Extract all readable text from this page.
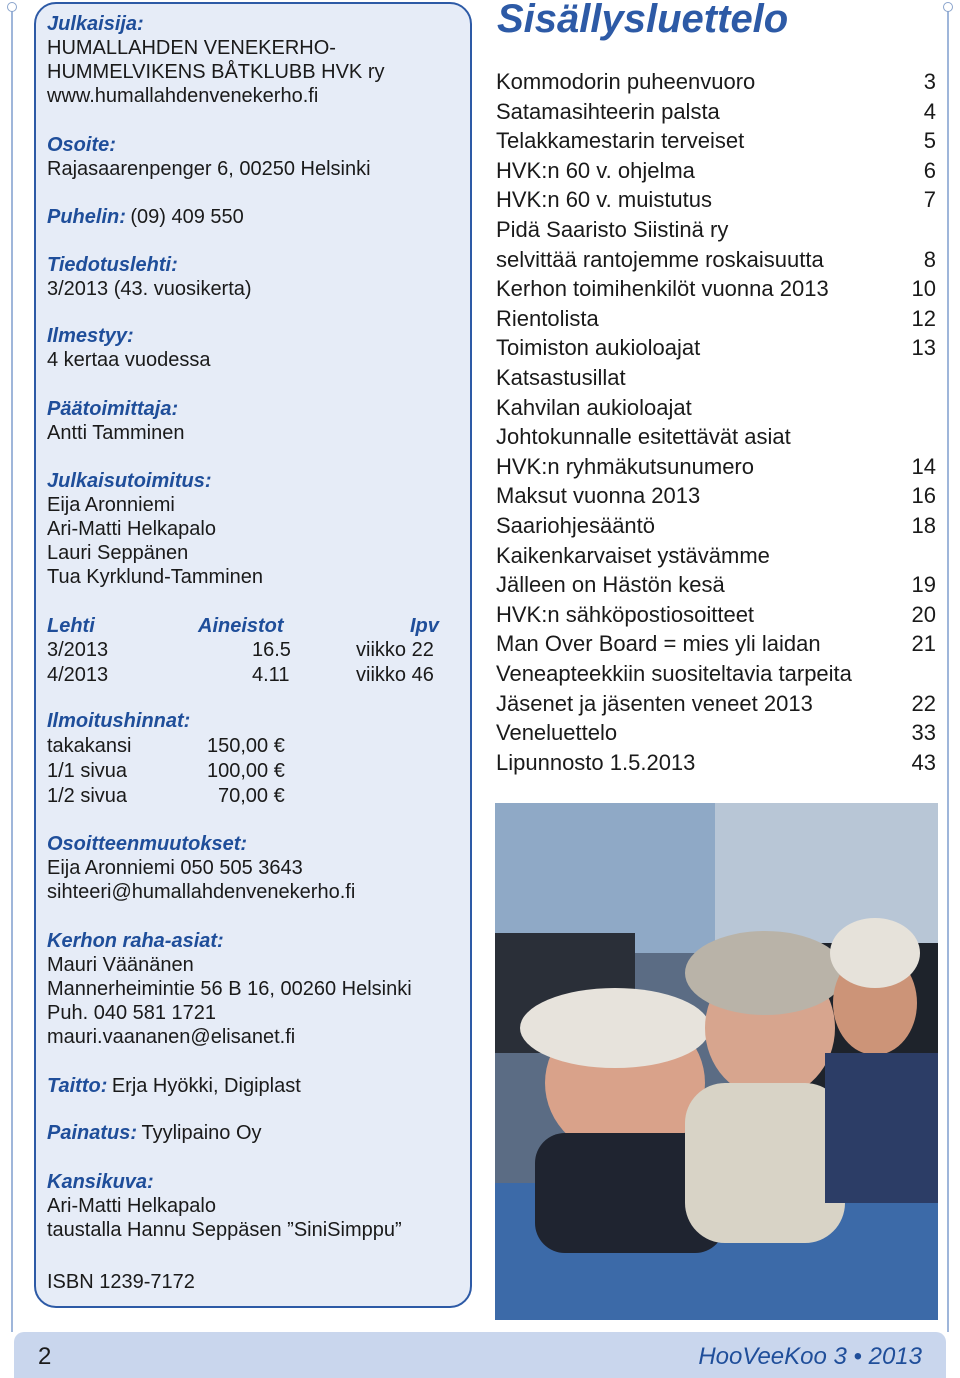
Julkaisija:
HUMALLAHDEN VENEKERHO-
HUMMELVIKENS BÅTKLUBB HVK ry
www.humallahdenvenekerho.fi
Osoite:
Rajasaarenpenger 6, 00250 Helsinki
Puhelin: (09) 409 550
Tiedotuslehti:
3/2013 (43. vuosikerta)
Ilmestyy:
4 kertaa vuodessa
Päätoimittaja:
Antti Tamminen
Julkaisutoimitus:
Eija Aronniemi
Ari-Matti Helkapalo
Lauri Seppänen
Tua Kyrklund-Tamminen
Lehti	Aineistot	Ipv
3/2013	16.5	viikko 22
4/2013	4.11	viikko 46
Ilmoitushinnat:
takakansi	150,00 €
1/1 sivua	100,00 €
1/2 sivua	70,00 €
Osoitteenmuutokset:
Eija Aronniemi 050 505 3643
sihteeri@humallahdenvenekerho.fi
Kerhon raha-asiat:
Mauri Väänänen
Mannerheimintie 56 B 16, 00260 Helsinki
Puh. 040 581 1721
mauri.vaananen@elisanet.fi
Taitto: Erja Hyökki, Digiplast
Painatus: Tyylipaino Oy
Kansikuva:
Ari-Matti Helkapalo
taustalla Hannu Seppäsen ”SiniSimppu”
ISBN 1239-7172
Sisällysluettelo
Kommodorin puheenvuoro	3
Satamasihteerin palsta	4
Telakkamestarin terveiset	5
HVK:n 60 v. ohjelma	6
HVK:n 60 v. muistutus	7
Pidä Saaristo Siistinä ry
selvittää rantojemme roskaisuutta	8
Kerhon toimihenkilöt vuonna 2013	10
Rientolista	12
Toimiston aukioloajat	13
Katsastusillat
Kahvilan aukioloajat
Johtokunnalle esitettävät asiat
HVK:n ryhmäkutsunumero	14
Maksut vuonna 2013	16
Saariohjesääntö	18
Kaikenkarvaiset ystävämme
Jälleen on Hästön kesä	19
HVK:n sähköpostiosoitteet	20
Man Over Board = mies yli laidan	21
Veneapteekkiin suositeltavia tarpeita
Jäsenet ja jäsenten veneet 2013	22
Veneluettelo	33
Lipunnosto 1.5.2013	43
2	HooVeeKoo 3 • 2013
